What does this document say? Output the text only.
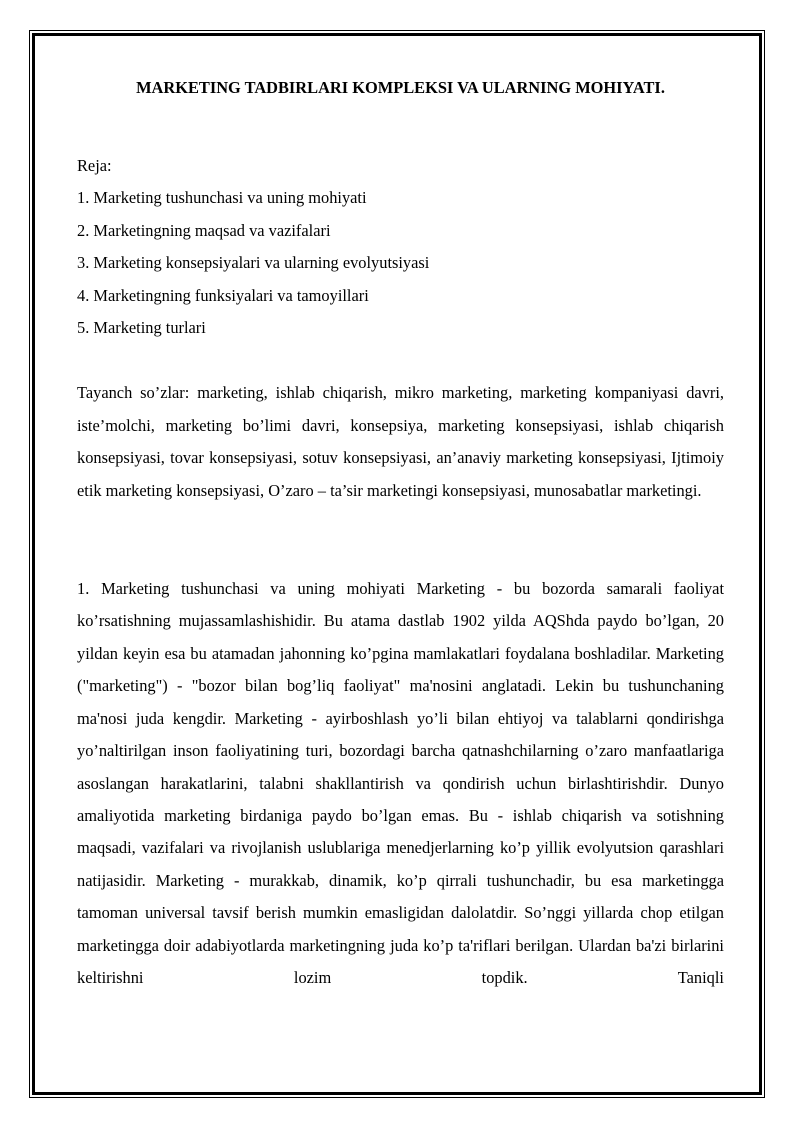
MARKETING TADBIRLARI KOMPLEKSI VA ULARNING MOHIYATI.
Reja:
1. Marketing tushunchasi va uning mohiyati
2. Marketingning maqsad va vazifalari
3. Marketing konsepsiyalari va ularning evolyutsiyasi
4. Marketingning funksiyalari va tamoyillari
5. Marketing turlari

Tayanch so’zlar: marketing, ishlab chiqarish, mikro marketing, marketing kompaniyasi davri, iste’molchi, marketing bo’limi davri, konsepsiya, marketing konsepsiyasi, ishlab chiqarish konsepsiyasi, tovar konsepsiyasi, sotuv konsepsiyasi, an’anaviy marketing konsepsiyasi, Ijtimoiy etik marketing konsepsiyasi, O’zaro – ta’sir marketingi konsepsiyasi, munosabatlar marketingi.

1. Marketing tushunchasi va uning mohiyati Marketing - bu bozorda samarali faoliyat ko’rsatishning mujassamlashishidir. Bu atama dastlab 1902 yilda AQShda paydo bo’lgan, 20 yildan keyin esa bu atamadan jahonning ko’pgina mamlakatlari foydalana boshladilar. Marketing ("marketing") - "bozor bilan bog’liq faoliyat" ma'nosini anglatadi. Lekin bu tushunchaning ma'nosi juda kengdir. Marketing - ayirboshlash yo’li bilan ehtiyoj va talablarni qondirishga yo’naltirilgan inson faoliyatining turi, bozordagi barcha qatnashchilarning o’zaro manfaatlariga asoslangan harakatlarini, talabni shakllantirish va qondirish uchun birlashtirishdir. Dunyo amaliyotida marketing birdaniga paydo bo’lgan emas. Bu - ishlab chiqarish va sotishning maqsadi, vazifalari va rivojlanish uslublariga menedjerlarning ko’p yillik evolyutsion qarashlari natijasidir. Marketing - murakkab, dinamik, ko’p qirrali tushunchadir, bu esa marketingga tamoman universal tavsif berish mumkin emasligidan dalolatdir. So’nggi yillarda chop etilgan marketingga doir adabiyotlarda marketingning juda ko’p ta'riflari berilgan. Ulardan ba'zi birlarini keltirishni lozim topdik. Taniqli
